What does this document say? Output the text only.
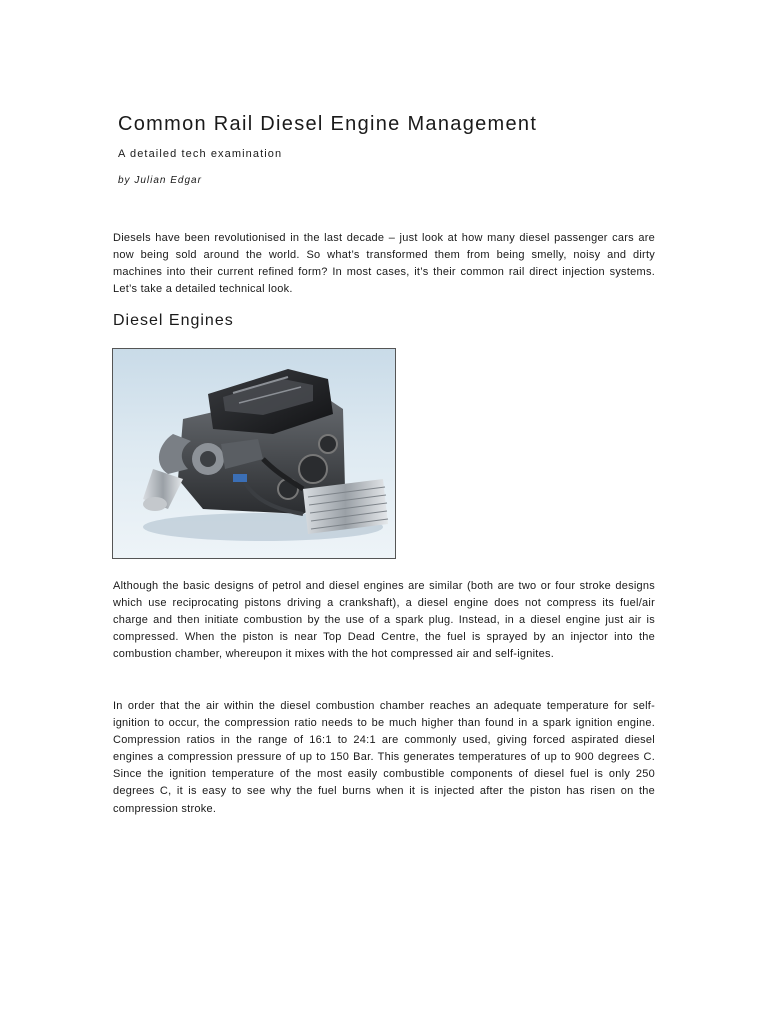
Common Rail Diesel Engine Management
A detailed tech examination
by Julian Edgar

Diesels have been revolutionised in the last decade – just look at how many diesel passenger cars are now being sold around the world. So what’s transformed them from being smelly, noisy and dirty machines into their current refined form? In most cases, it’s their common rail direct injection systems. Let’s take a detailed technical look.

Diesel Engines

Although the basic designs of petrol and diesel engines are similar (both are two or four stroke designs which use reciprocating pistons driving a crankshaft), a diesel engine does not compress its fuel/air charge and then initiate combustion by the use of a spark plug. Instead, in a diesel engine just air is compressed. When the piston is near Top Dead Centre, the fuel is sprayed by an injector into the combustion chamber, whereupon it mixes with the hot compressed air and self-ignites.

In order that the air within the diesel combustion chamber reaches an adequate temperature for self-ignition to occur, the compression ratio needs to be much higher than found in a spark ignition engine. Compression ratios in the range of 16:1 to 24:1 are commonly used, giving forced aspirated diesel engines a compression pressure of up to 150 Bar. This generates temperatures of up to 900 degrees C. Since the ignition temperature of the most easily combustible components of diesel fuel is only 250 degrees C, it is easy to see why the fuel burns when it is injected after the piston has risen on the compression stroke.
